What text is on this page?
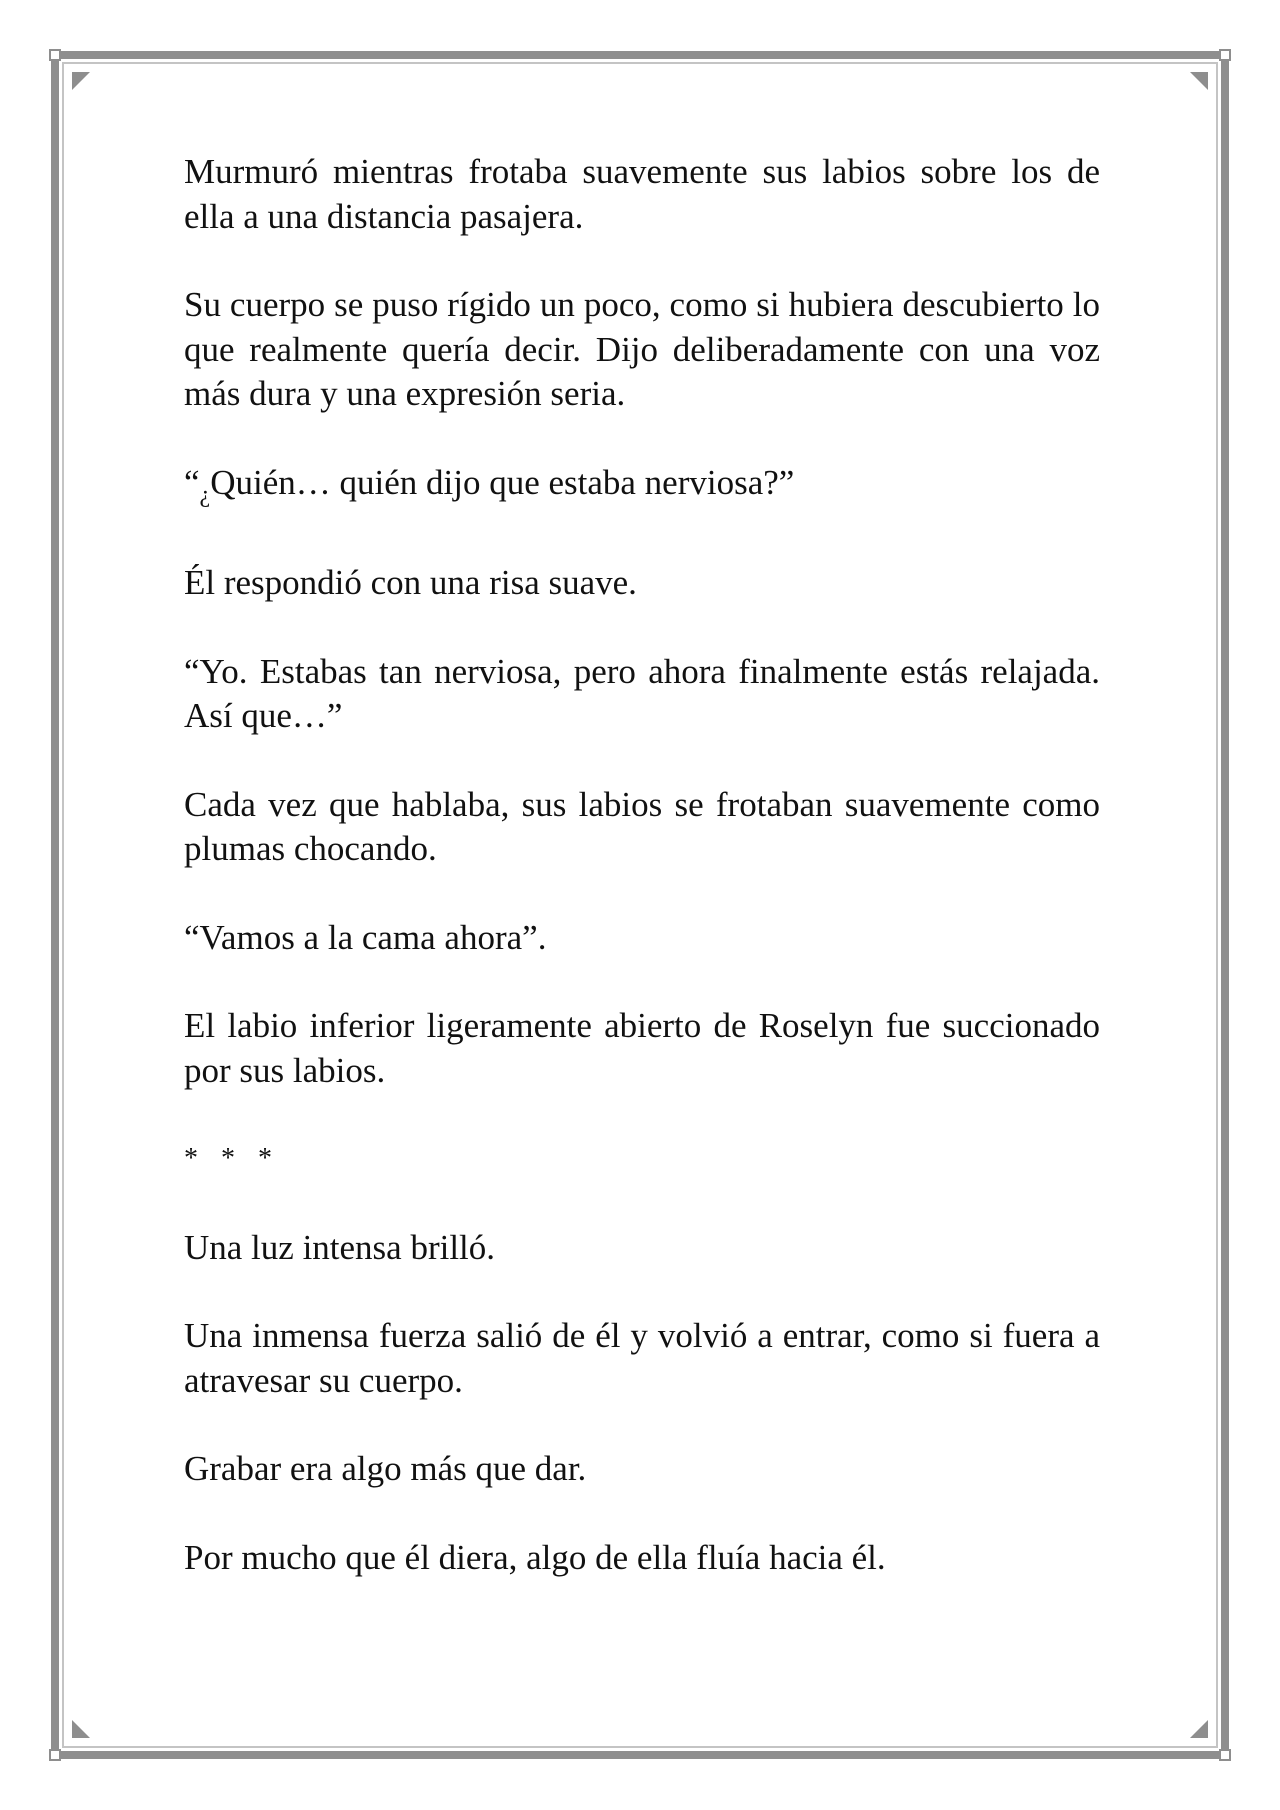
Murmuró mientras frotaba suavemente sus labios sobre los de ella a una distancia pasajera.

Su cuerpo se puso rígido un poco, como si hubiera descubierto lo que realmente quería decir. Dijo deliberadamente con una voz más dura y una expresión seria.

“$_¿Quién\dots$ quién dijo que estaba nerviosa?”

Él respondió con una risa suave.

“Yo. Estabas tan nerviosa, pero ahora finalmente estás relajada. Así que…”

Cada vez que hablaba, sus labios se frotaban suavemente como plumas chocando.

“Vamos a la cama ahora”.

El labio inferior ligeramente abierto de Roselyn fue succionado por sus labios.

* * *

Una luz intensa brilló.

Una inmensa fuerza salió de él y volvió a entrar, como si fuera a atravesar su cuerpo.

Grabar era algo más que dar.

Por mucho que él diera, algo de ella fluía hacia él.
